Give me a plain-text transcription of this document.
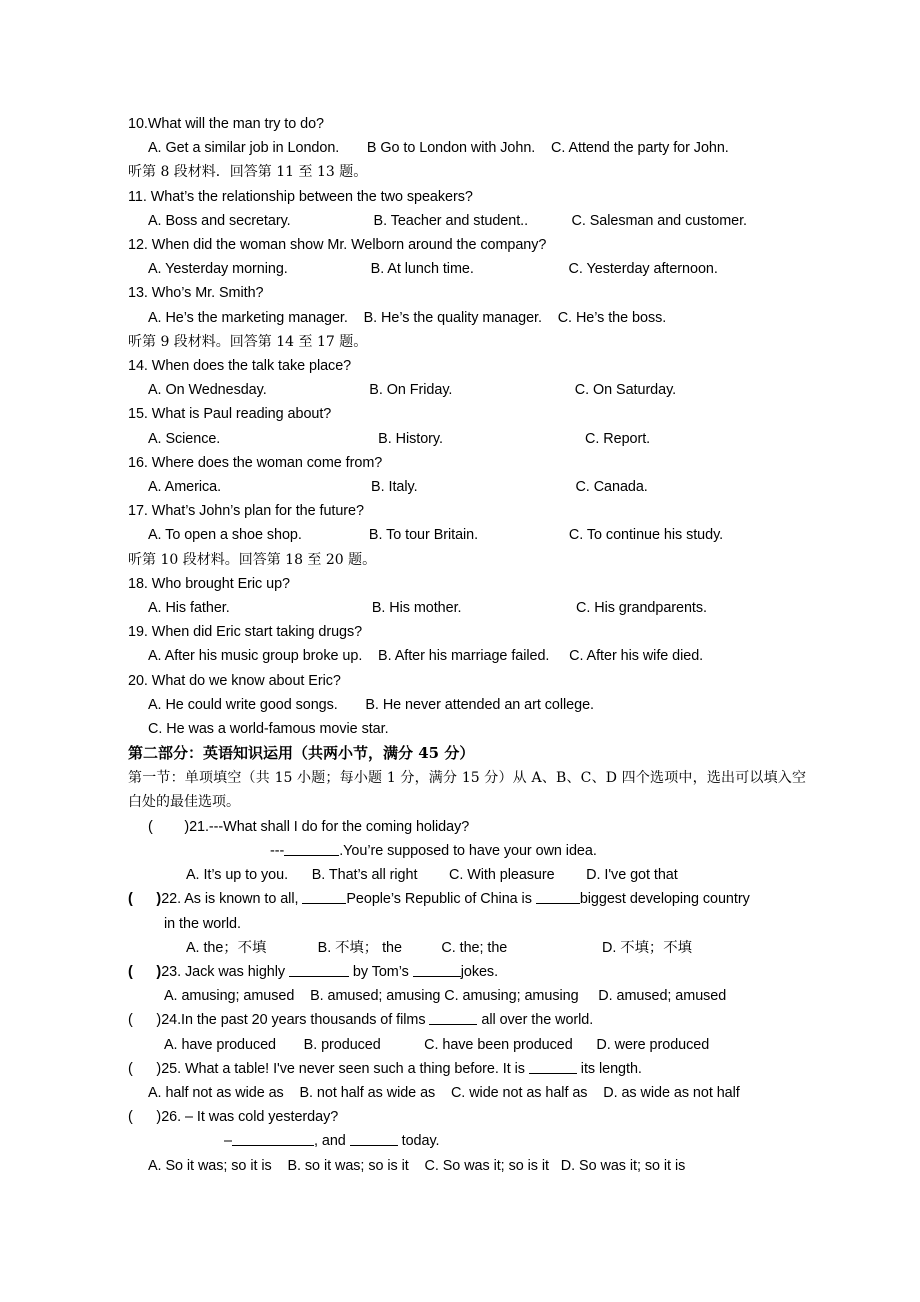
10.What will the man try to do?
A. Get a similar job in London.       B Go to London with John.    C. Attend the party for John.
听第 8 段材料．回答第 11 至 13 题。
11. What’s the relationship between the two speakers?
A. Boss and secretary.                     B. Teacher and student..           C. Salesman and customer.
12. When did the woman show Mr. Welborn around the company?
A. Yesterday morning.                     B. At lunch time.                        C. Yesterday afternoon.
13. Who’s Mr. Smith?
A. He’s the marketing manager.    B. He’s the quality manager.    C. He’s the boss.
听第 9 段材料。回答第 14 至 17 题。
14. When does the talk take place?
A. On Wednesday.                          B. On Friday.                               C. On Saturday.
15. What is Paul reading about?
A. Science.                                        B. History.                                    C. Report.
16. Where does the woman come from?
A. America.                                      B. Italy.                                        C. Canada.
17. What’s John’s plan for the future?
A. To open a shoe shop.                 B. To tour Britain.                       C. To continue his study.
听第 10 段材料。回答第 18 至 20 题。
18. Who brought Eric up?
A. His father.                                    B. His mother.                             C. His grandparents.
19. When did Eric start taking drugs?
A. After his music group broke up.    B. After his marriage failed.     C. After his wife died.
20. What do we know about Eric?
A. He could write good songs.       B. He never attended an art college.
C. He was a world-famous movie star.
第二部分：英语知识运用（共两小节，满分 45 分）
第一节：单项填空（共 15 小题；每小题 1 分，满分 15 分）从 A、B、C、D 四个选项中，选出可以填入空白处的最佳选项。
(        )21.---What shall I do for the coming holiday?
---	.You’re supposed to have your own idea.
A. It’s up to you.      B. That’s all right        C. With pleasure        D. I've got that
(      )22. As is known to all,	People’s Republic of China is	biggest developing country
in the world.
A. the；不填             B. 不填； the          C. the; the                        D. 不填；不填
(      )23. Jack was highly	by Tom’s	jokes.
A. amusing; amused    B. amused; amusing C. amusing; amusing     D. amused; amused
(      )24.In the past 20 years thousands of films	all over the world.
A. have produced       B. produced           C. have been produced      D. were produced
(      )25. What a table! I've never seen such a thing before. It is	its length.
A. half not as wide as    B. not half as wide as    C. wide not as half as    D. as wide as not half
(      )26. – It was cold yesterday?
–	, and	today.
A. So it was; so it is    B. so it was; so is it    C. So was it; so is it   D. So was it; so it is
